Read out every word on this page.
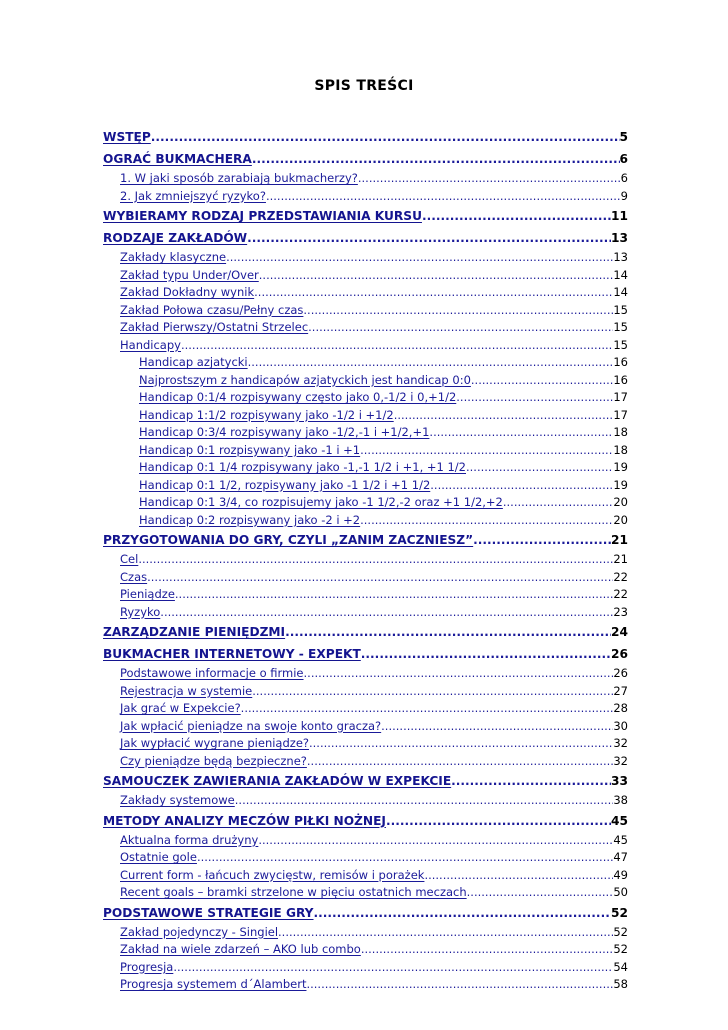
SPIS TREŚCI
WSTĘP .....	5
OGRAĆ BUKMACHERA .....	6
1. W jaki sposób zarabiają bukmacherzy? .....	6
2. Jak zmniejszyć ryzyko? .....	9
WYBIERAMY RODZAJ PRZEDSTAWIANIA KURSU .....	11
RODZAJE ZAKŁADÓW .....	13
Zakłady klasyczne .....	13
Zakład typu Under/Over .....	14
Zakład Dokładny wynik .....	14
Zakład Połowa czasu/Pełny czas .....	15
Zakład Pierwszy/Ostatni Strzelec .....	15
Handicapy .....	15
Handicap azjatycki .....	16
Najprostszym z handicapów azjatyckich jest handicap 0:0 .....	16
Handicap 0:1/4 rozpisywany często jako 0,-1/2 i 0,+1/2 .....	17
Handicap 1:1/2 rozpisywany jako -1/2 i +1/2 .....	17
Handicap 0:3/4 rozpisywany jako -1/2,-1 i +1/2,+1 .....	18
Handicap 0:1 rozpisywany jako -1 i +1 .....	18
Handicap 0:1 1/4 rozpisywany jako -1,-1 1/2 i +1, +1 1/2 .....	19
Handicap 0:1 1/2, rozpisywany jako -1 1/2 i +1 1/2 .....	19
Handicap 0:1 3/4, co rozpisujemy jako -1 1/2,-2 oraz +1 1/2,+2 .....	20
Handicap 0:2 rozpisywany jako -2 i +2 .....	20
PRZYGOTOWANIA DO GRY, CZYLI „ZANIM ZACZNIESZ” .....	21
Cel .....	21
Czas .....	22
Pieniądze .....	22
Ryzyko .....	23
ZARZĄDZANIE PIENIĘDZMI .....	24
BUKMACHER INTERNETOWY - EXPEKT .....	26
Podstawowe informacje o firmie .....	26
Rejestracja w systemie .....	27
Jak grać w Expekcie? .....	28
Jak wpłacić pieniądze na swoje konto gracza? .....	30
Jak wypłacić wygrane pieniądze? .....	32
Czy pieniądze będą bezpieczne? .....	32
SAMOUCZEK ZAWIERANIA ZAKŁADÓW W EXPEKCIE .....	33
Zakłady systemowe .....	38
METODY ANALIZY MECZÓW PIŁKI NOŻNEJ .....	45
Aktualna forma drużyny .....	45
Ostatnie gole .....	47
Current form - łańcuch zwycięstw, remisów i porażek .....	49
Recent goals – bramki strzelone w pięciu ostatnich meczach .....	50
PODSTAWOWE STRATEGIE GRY .....	52
Zakład pojedynczy - Singiel .....	52
Zakład na wiele zdarzeń – AKO lub combo .....	52
Progresja .....	54
Progresja systemem d´Alambert .....	58
